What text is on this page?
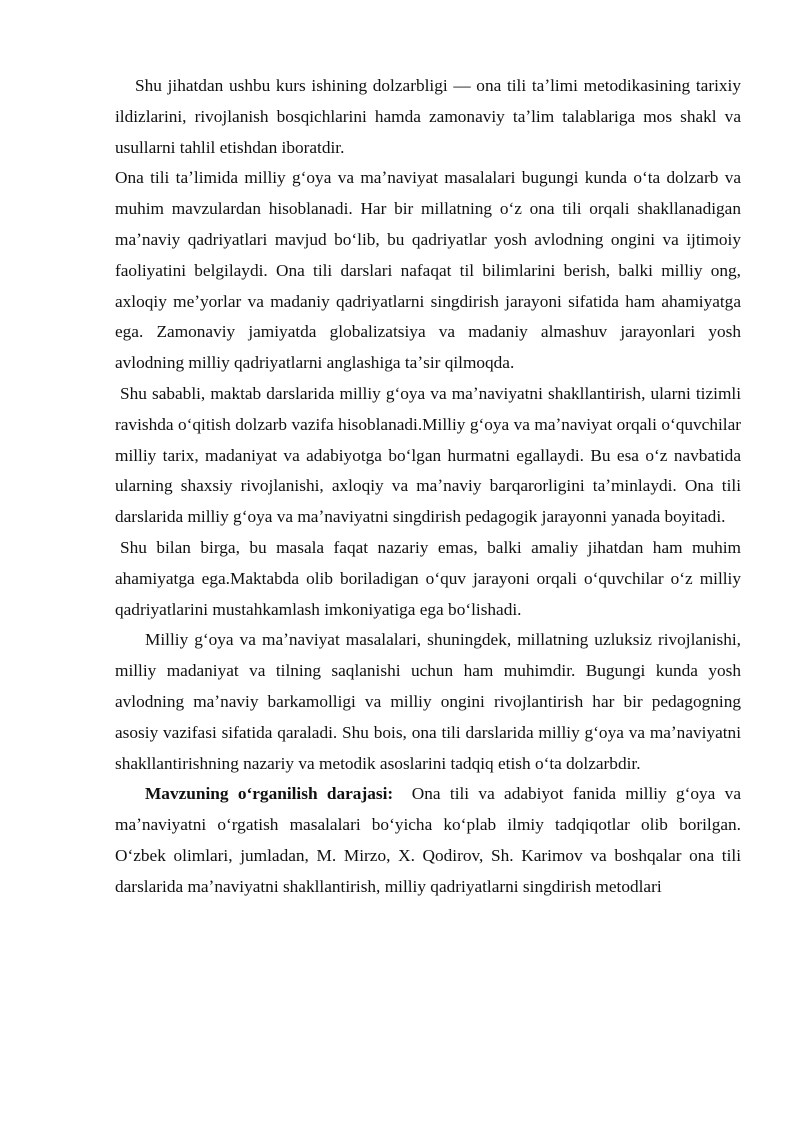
Shu jihatdan ushbu kurs ishining dolzarbligi — ona tili taʼlimi metodikasining tarixiy ildizlarini, rivojlanish bosqichlarini hamda zamonaviy taʼlim talablariga mos shakl va usullarni tahlil etishdan iboratdir.

Ona tili taʼlimida milliy gʻoya va maʼnaviyat masalalari bugungi kunda oʻta dolzarb va muhim mavzulardan hisoblanadi. Har bir millatning oʻz ona tili orqali shakllanadigan maʼnaviy qadriyatlari mavjud boʻlib, bu qadriyatlar yosh avlodning ongini va ijtimoiy faoliyatini belgilaydi. Ona tili darslari nafaqat til bilimlarini berish, balki milliy ong, axloqiy meʼyorlar va madaniy qadriyatlarni singdirish jarayoni sifatida ham ahamiyatga ega. Zamonaviy jamiyatda globalizatsiya va madaniy almashuv jarayonlari yosh avlodning milliy qadriyatlarni anglashiga taʼsir qilmoqda.

Shu sababli, maktab darslarida milliy gʻoya va maʼnaviyatni shakllantirish, ularni tizimli ravishda oʻqitish dolzarb vazifa hisoblanadi.Milliy gʻoya va maʼnaviyat orqali oʻquvchilar milliy tarix, madaniyat va adabiyotga boʻlgan hurmatni egallaydi. Bu esa oʻz navbatida ularning shaxsiy rivojlanishi, axloqiy va maʼnaviy barqarorligini taʼminlaydi. Ona tili darslarida milliy gʻoya va maʼnaviyatni singdirish pedagogik jarayonni yanada boyitadi.

Shu bilan birga, bu masala faqat nazariy emas, balki amaliy jihatdan ham muhim ahamiyatga ega.Maktabda olib boriladigan oʻquv jarayoni orqali oʻquvchilar oʻz milliy qadriyatlarini mustahkamlash imkoniyatiga ega boʻlishadi.

Milliy gʻoya va maʼnaviyat masalalari, shuningdek, millatning uzluksiz rivojlanishi, milliy madaniyat va tilning saqlanishi uchun ham muhimdir. Bugungi kunda yosh avlodning maʼnaviy barkamolligi va milliy ongini rivojlantirish har bir pedagogning asosiy vazifasi sifatida qaraladi. Shu bois, ona tili darslarida milliy gʻoya va maʼnaviyatni shakllantirishning nazariy va metodik asoslarini tadqiq etish oʻta dolzarbdir.

Mavzuning oʻrganilish darajasi: Ona tili va adabiyot fanida milliy gʻoya va maʼnaviyatni oʻrgatish masalalari boʻyicha koʻplab ilmiy tadqiqotlar olib borilgan. Oʻzbek olimlari, jumladan, M. Mirzo, X. Qodirov, Sh. Karimov va boshqalar ona tili darslarida maʼnaviyatni shakllantirish, milliy qadriyatlarni singdirish metodlari
